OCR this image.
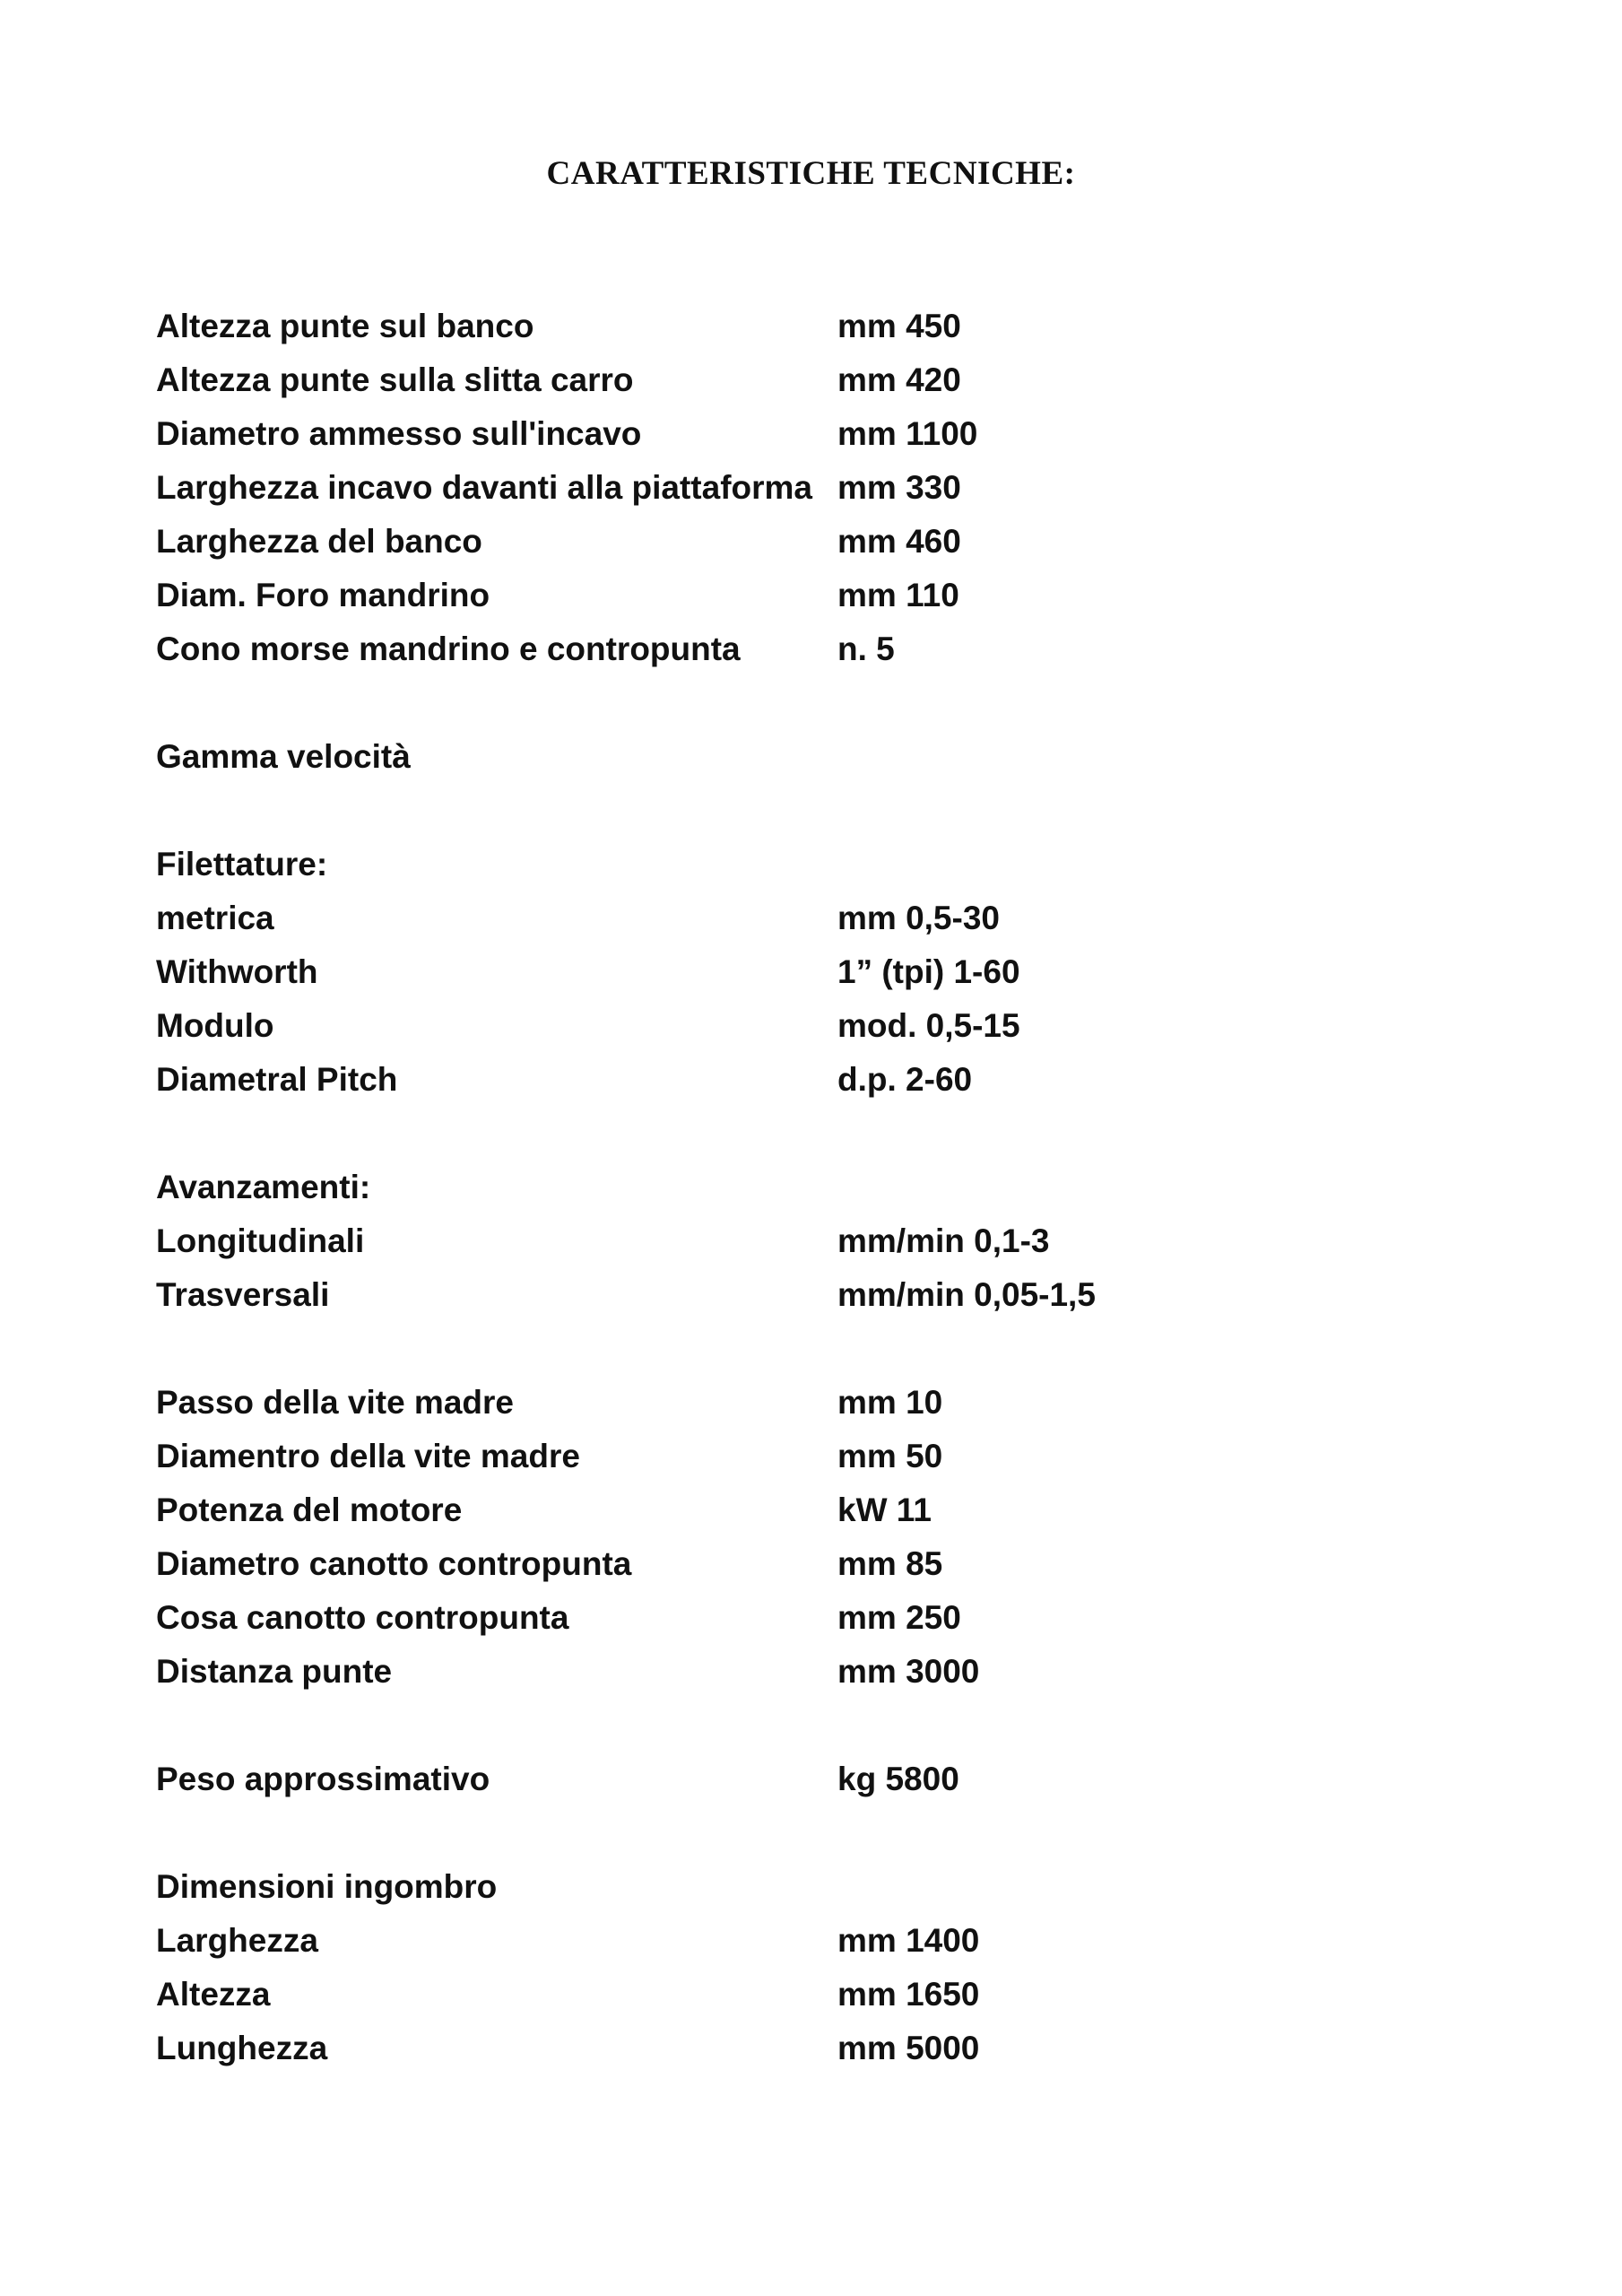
CARATTERISTICHE TECNICHE:
Altezza punte sul banco	mm 450
Altezza punte sulla slitta carro	mm 420
Diametro ammesso sull'incavo	mm 1100
Larghezza incavo davanti alla piattaforma mm 330
Larghezza del banco	mm 460
Diam. Foro mandrino	mm 110
Cono morse mandrino e contropunta	n. 5
Gamma velocità
Filettature:
metrica	mm 0,5-30
Withworth	1” (tpi) 1-60
Modulo	mod. 0,5-15
Diametral Pitch	d.p. 2-60
Avanzamenti:
Longitudinali	mm/min 0,1-3
Trasversali	mm/min 0,05-1,5
Passo della vite madre	mm 10
Diamentro della vite madre	mm 50
Potenza del motore	kW 11
Diametro canotto contropunta	mm 85
Cosa canotto contropunta	mm 250
Distanza punte	mm 3000
Peso approssimativo	kg 5800
Dimensioni ingombro
Larghezza	mm 1400
Altezza	mm 1650
Lunghezza	mm 5000
